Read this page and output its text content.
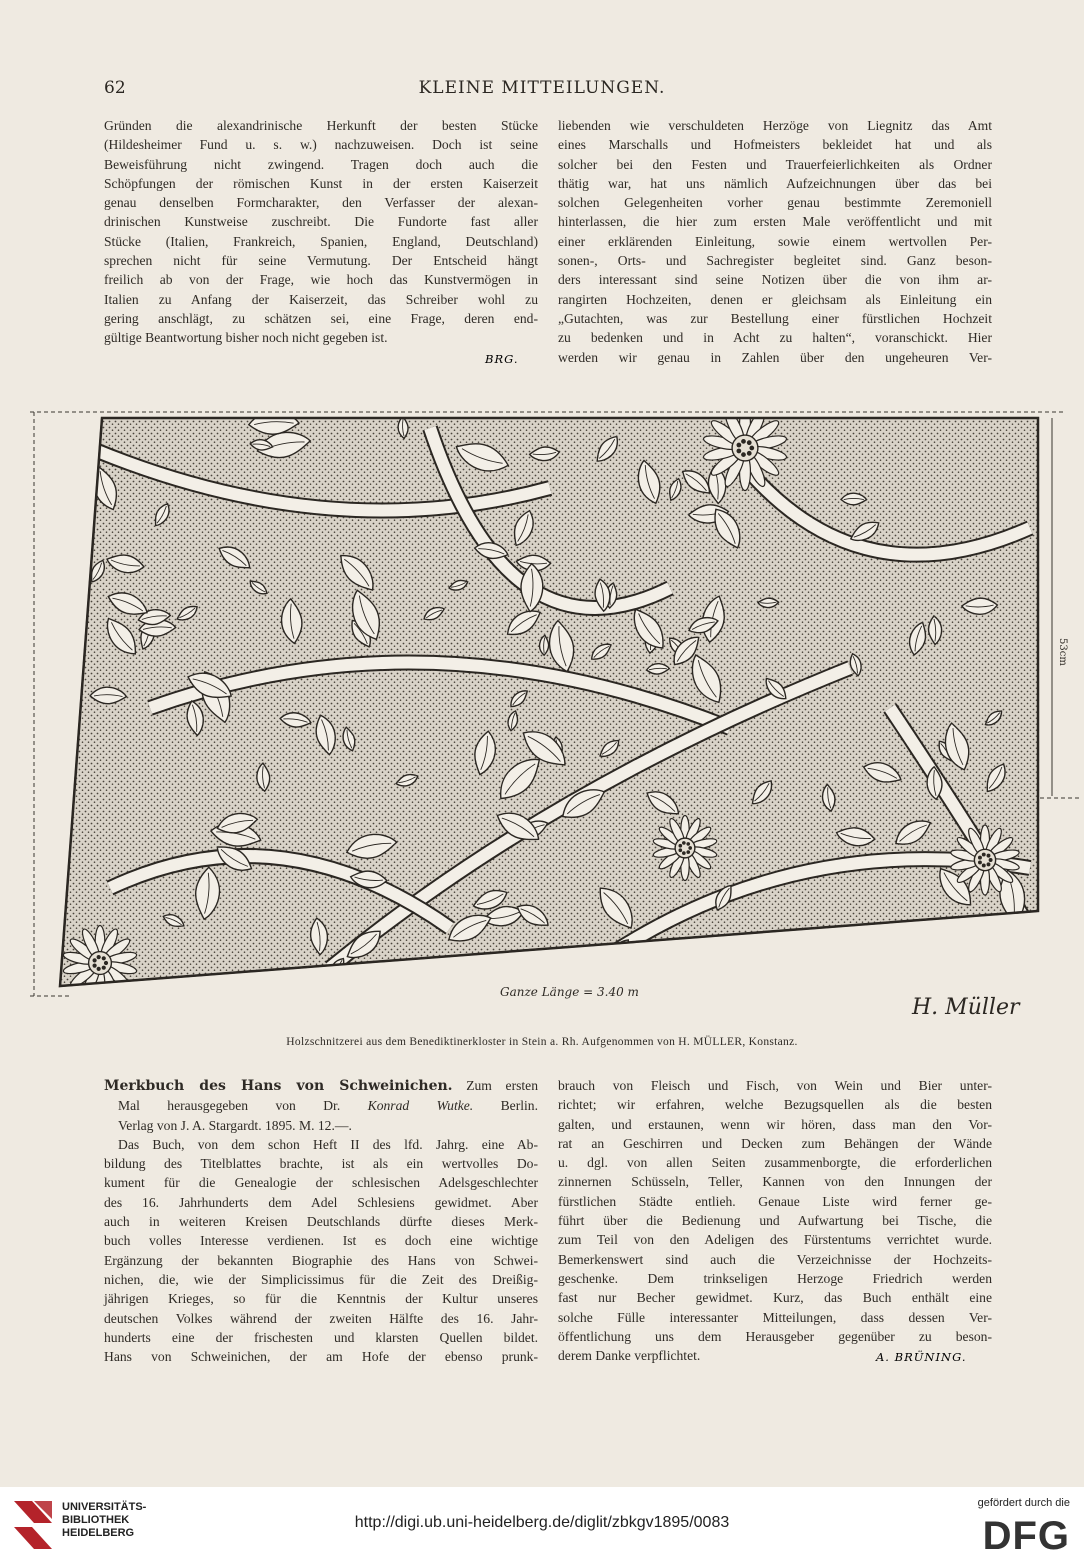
62	KLEINE MITTEILUNGEN.

Gründen die alexandrinische Herkunft der besten Stücke

(Hildesheimer Fund u. s. w.) nachzuweisen. Doch ist seine

Beweisführung nicht zwingend. Tragen doch auch die

Schöpfungen der römischen Kunst in der ersten Kaiserzeit

genau denselben Formcharakter, den Verfasser der alexan-

drinischen Kunstweise zuschreibt. Die Fundorte fast aller

Stücke (Italien, Frankreich, Spanien, England, Deutschland)

sprechen nicht für seine Vermutung. Der Entscheid hängt

freilich ab von der Frage, wie hoch das Kunstvermögen in

Italien zu Anfang der Kaiserzeit, das Schreiber wohl zu

gering anschlägt, zu schätzen sei, eine Frage, deren end-

gültige Beantwortung bisher noch nicht gegeben ist.

BRG.

liebenden wie verschuldeten Herzöge von Liegnitz das Amt

eines Marschalls und Hofmeisters bekleidet hat und als

solcher bei den Festen und Trauerfeierlichkeiten als Ordner

thätig war, hat uns nämlich Aufzeichnungen über das bei

solchen Gelegenheiten vorher genau bestimmte Zeremoniell

hinterlassen, die hier zum ersten Male veröffentlicht und mit

einer erklärenden Einleitung, sowie einem wertvollen Per-

sonen-, Orts- und Sachregister begleitet sind. Ganz beson-

ders interessant sind seine Notizen über die von ihm ar-

rangirten Hochzeiten, denen er gleichsam als Einleitung ein

„Gutachten, was zur Bestellung einer fürstlichen Hochzeit

zu bedenken und in Acht zu halten“, voranschickt. Hier

werden wir genau in Zahlen über den ungeheuren Ver-

53cm
Ganze Länge = 3.40 m
H. Müller
Holzschnitzerei aus dem Benediktinerkloster in Stein a. Rh. Aufgenommen von H. MÜLLER, Konstanz.

Merkbuch des Hans von Schweinichen. Zum ersten

Mal herausgegeben von Dr. Konrad Wutke. Berlin.

Verlag von J. A. Stargardt. 1895. M. 12.—.

Das Buch, von dem schon Heft II des lfd. Jahrg. eine Ab-

bildung des Titelblattes brachte, ist als ein wertvolles Do-

kument für die Genealogie der schlesischen Adelsgeschlechter

des 16. Jahrhunderts dem Adel Schlesiens gewidmet. Aber

auch in weiteren Kreisen Deutschlands dürfte dieses Merk-

buch volles Interesse verdienen. Ist es doch eine wichtige

Ergänzung der bekannten Biographie des Hans von Schwei-

nichen, die, wie der Simplicissimus für die Zeit des Dreißig-

jährigen Krieges, so für die Kenntnis der Kultur unseres

deutschen Volkes während der zweiten Hälfte des 16. Jahr-

hunderts eine der frischesten und klarsten Quellen bildet.

Hans von Schweinichen, der am Hofe der ebenso prunk-

brauch von Fleisch und Fisch, von Wein und Bier unter-

richtet; wir erfahren, welche Bezugsquellen als die besten

galten, und erstaunen, wenn wir hören, dass man den Vor-

rat an Geschirren und Decken zum Behängen der Wände

u. dgl. von allen Seiten zusammenborgte, die erforderlichen

zinnernen Schüsseln, Teller, Kannen von den Innungen der

fürstlichen Städte entlieh. Genaue Liste wird ferner ge-

führt über die Bedienung und Aufwartung bei Tische, die

zum Teil von den Adeligen des Fürstentums verrichtet wurde.

Bemerkenswert sind auch die Verzeichnisse der Hochzeits-

geschenke. Dem trinkseligen Herzoge Friedrich werden

fast nur Becher gewidmet. Kurz, das Buch enthält eine

solche Fülle interessanter Mitteilungen, dass dessen Ver-

öffentlichung uns dem Herausgeber gegenüber zu beson-

derem Danke verpflichtet.	A. BRÜNING.
UNIVERSITÄTS-
BIBLIOTHEK
HEIDELBERG
http://digi.ub.uni-heidelberg.de/diglit/zbkgv1895/0083
gefördert durch die
DFG
